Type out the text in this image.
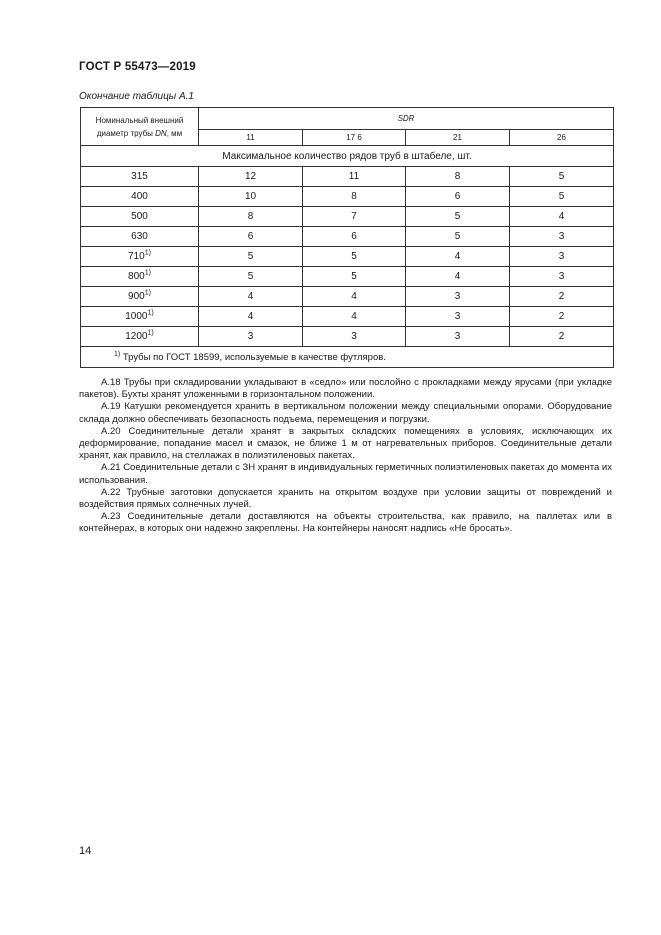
ГОСТ Р 55473—2019
Окончание таблицы А.1
Номинальный внешний
диаметр трубы DN, мм	SDR			
	11	17 6	21	26
Максимальное количество рядов труб в штабеле, шт.				
315	12	11	8	5
400	10	8	6	5
500	8	7	5	4
630	6	6	5	3
710$^{1)}$	5	5	4	3
800$^{1)}$	5	5	4	3
900$^{1)}$	4	4	3	2
1000$^{1)}$	4	4	3	2
1200$^{1)}$	3	3	3	2
$^{1)}$ Трубы по ГОСТ 18599, используемые в качестве футляров.				

А.18 Трубы при складировании укладывают в «седло» или послойно с прокладками между ярусами (при укладке пакетов). Бухты хранят уложенными в горизонтальном положении.

А.19 Катушки рекомендуется хранить в вертикальном положении между специальными опорами. Оборудование склада должно обеспечивать безопасность подъема, перемещения и погрузки.

А.20 Соединительные детали хранят в закрытых складских помещениях в условиях, исключающих их деформирование, попадание масел и смазок, не ближе 1 м от нагревательных приборов. Соединительные детали хранят, как правило, на стеллажах в полиэтиленовых пакетах.

А.21 Соединительные детали с ЗН хранят в индивидуальных герметичных полиэтиленовых пакетах до момента их использования.

А.22 Трубные заготовки допускается хранить на открытом воздухе при условии защиты от повреждений и воздействия прямых солнечных лучей.

А.23 Соединительные детали доставляются на объекты строительства, как правило, на паллетах или в контейнерах, в которых они надежно закреплены. На контейнеры наносят надпись «Не бросать».

14
